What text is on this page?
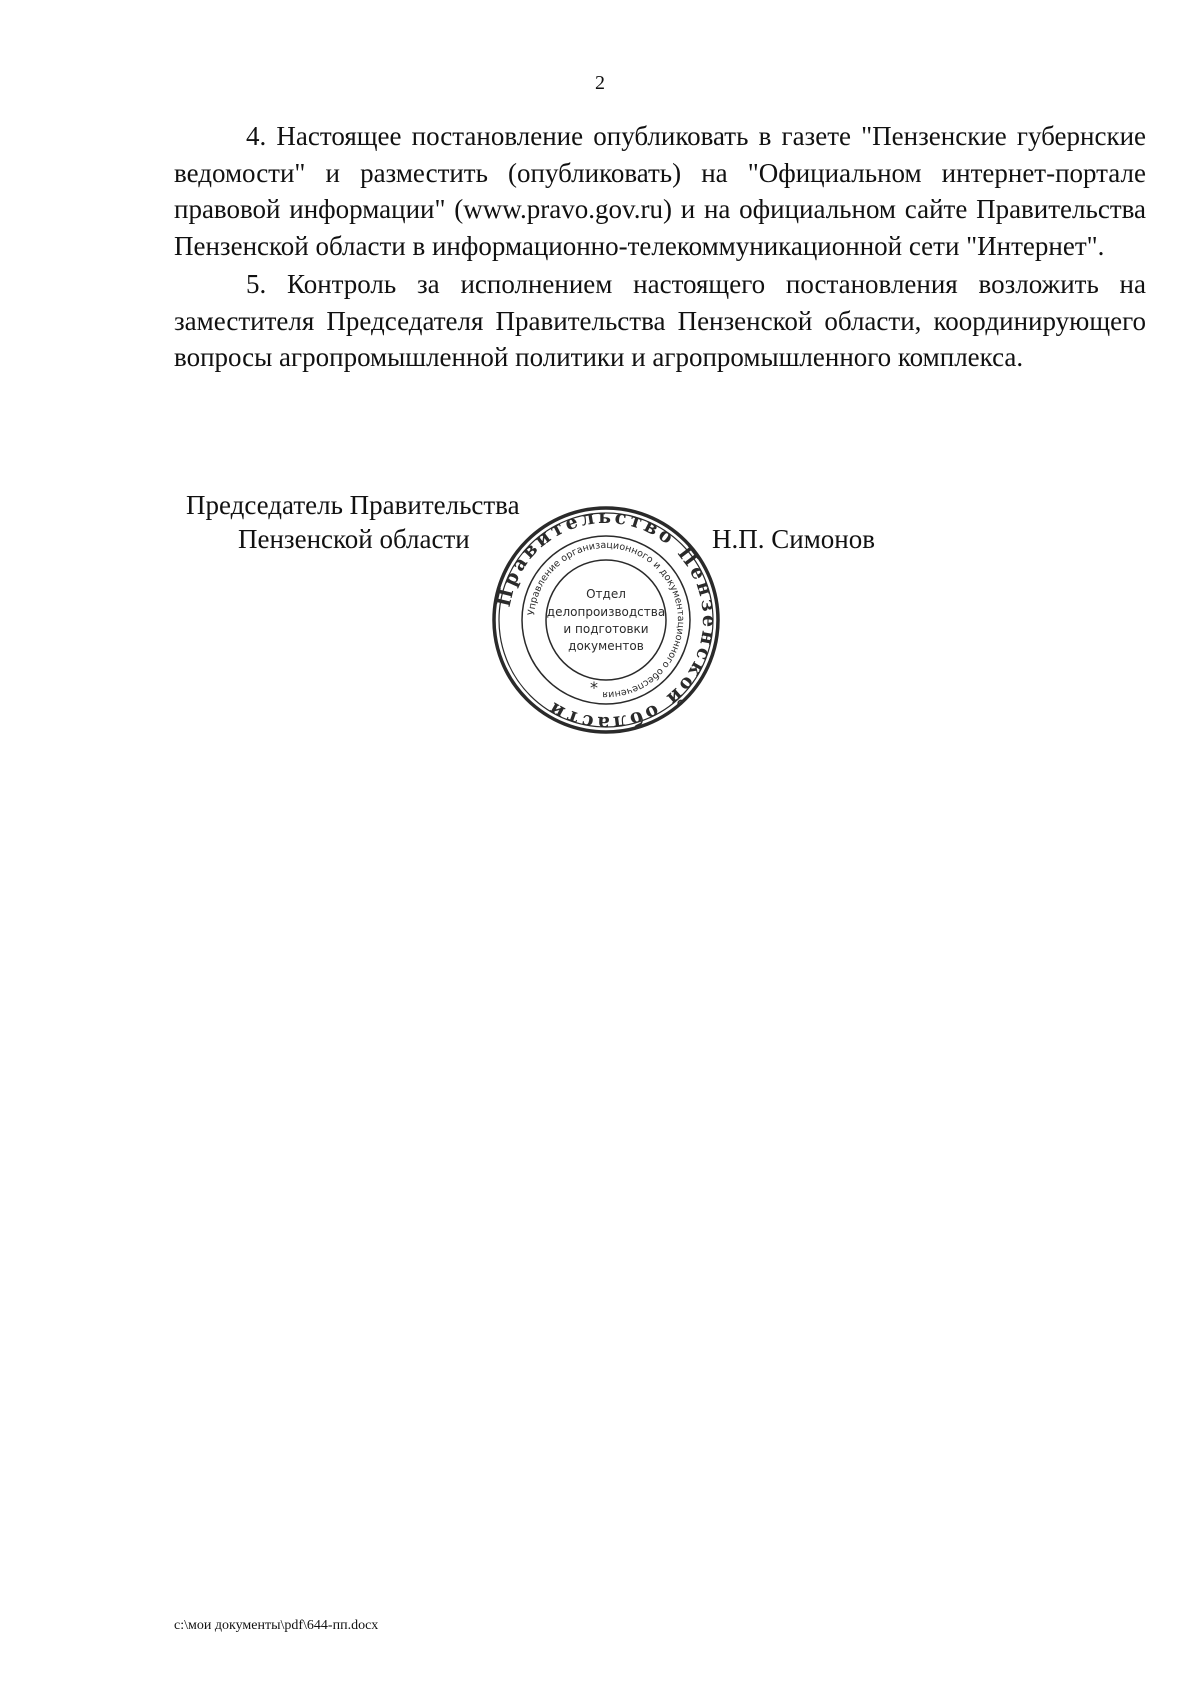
2

4. Настоящее постановление опубликовать в газете "Пензенские губернские ведомости" и разместить (опубликовать) на "Официальном интернет-портале правовой информации" (www.pravo.gov.ru) и на официальном сайте Правительства Пензенской области в информационно-телекоммуникационной сети "Интернет".

5. Контроль за исполнением настоящего постановления возложить на заместителя Председателя Правительства Пензенской области, координирующего вопросы агропромышленной политики и агропромышленного комплекса.

Председатель Правительства
Пензенской области	Н.П. Симонов
Правительство Пензенской области
Управление организационного и документационного обеспечения
Отдел
делопроизводства
и подготовки
документов
*
c:\мои документы\pdf\644-пп.docx
